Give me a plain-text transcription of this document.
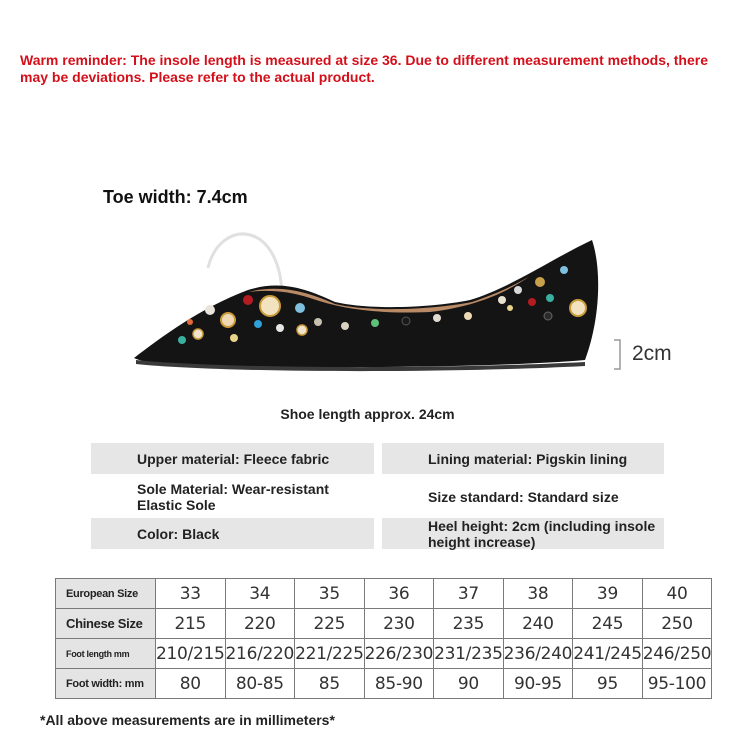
Warm reminder: The insole length is measured at size 36. Due to different measurement methods, there may be deviations. Please refer to the actual product.
Toe width: 7.4cm
2cm
Shoe length approx. 24cm
Upper material: Fleece fabric	Lining material: Pigskin lining
Sole Material: Wear-resistant Elastic Sole	Size standard: Standard size
Color: Black	Heel height: 2cm (including insole height increase)
European Size	33	34	35	36	37	38	39	40
Chinese Size	215	220	225	230	235	240	245	250
Foot length mm	210/215	216/220	221/225	226/230	231/235	236/240	241/245	246/250
Foot width: mm	80	80-85	85	85-90	90	90-95	95	95-100
*All above measurements are in millimeters*
